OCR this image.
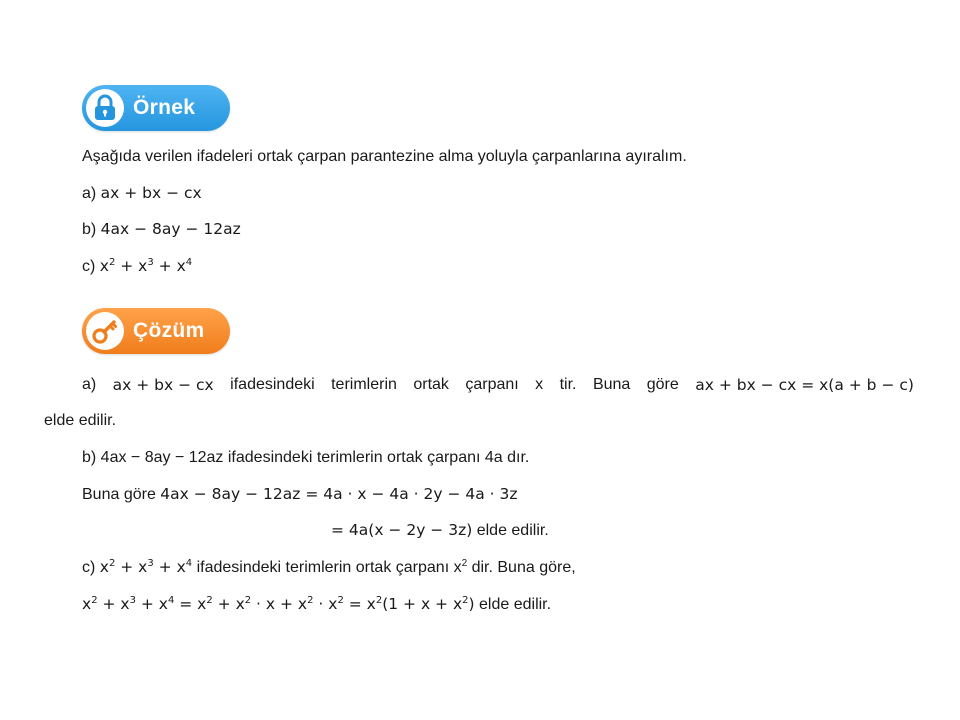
Örnek
Aşağıda verilen ifadeleri ortak çarpan parantezine alma yoluyla çarpanlarına ayıralım.
a) ax + bx − cx
b) 4ax − 8ay − 12az
c) $x^2 + x^3 + x^4$
Çözüm
a) ax + bx − cx ifadesindeki terimlerin ortak çarpanı x tir. Buna göre ax + bx − cx = x(a + b − c)
elde edilir.
b) 4ax − 8ay − 12az ifadesindeki terimlerin ortak çarpanı 4a dır.
Buna göre 4ax − 8ay − 12az = 4a · x − 4a · 2y − 4a · 3z
= 4a(x − 2y − 3z) elde edilir.
c) $x^2 + x^3 + x^4$ ifadesindeki terimlerin ortak çarpanı $x^2$ dir. Buna göre,
$x^2 + x^3 + x^4 = x^2 + x^2 \cdot x + x^2 \cdot x^2 = x^2(1 + x + x^2)$ elde edilir.
